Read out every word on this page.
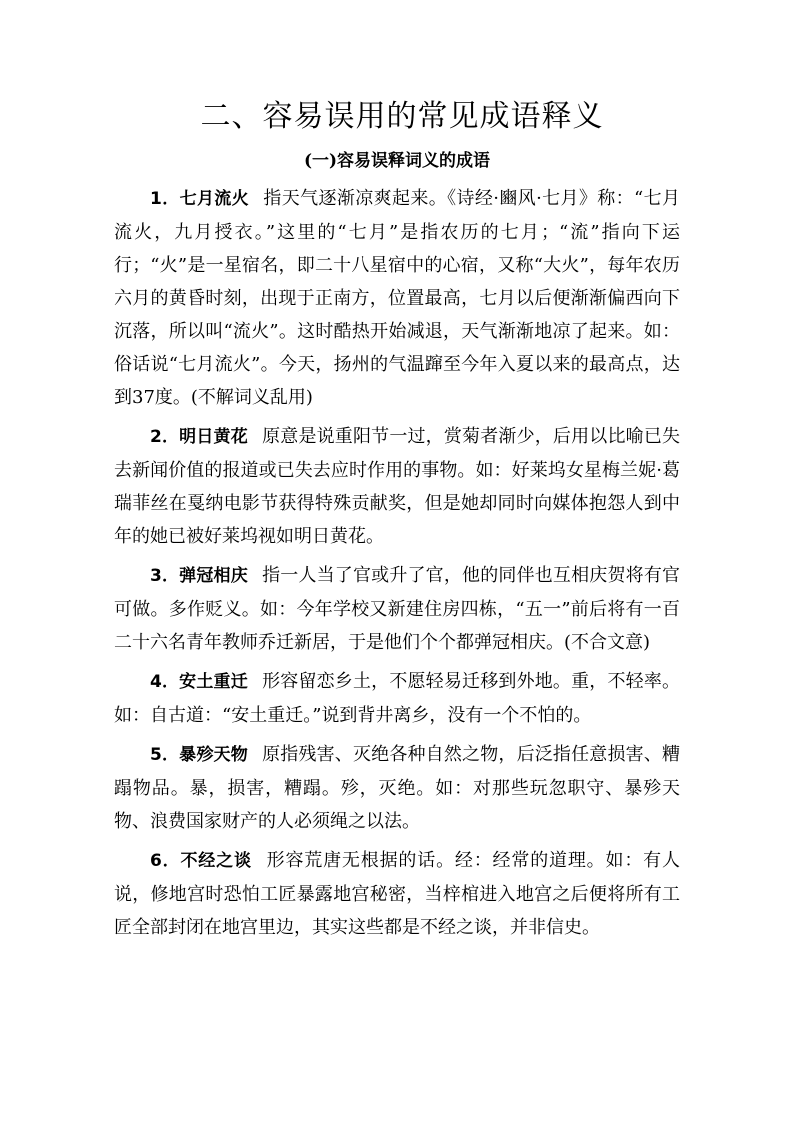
二、容易误用的常见成语释义
(一)容易误释词义的成语

1．七月流火 指天气逐渐凉爽起来。《诗经·豳风·七月》称：“七月流火，九月授衣。”这里的“七月”是指农历的七月；“流”指向下运行；“火”是一星宿名，即二十八星宿中的心宿，又称“大火”，每年农历六月的黄昏时刻，出现于正南方，位置最高，七月以后便渐渐偏西向下沉落，所以叫“流火”。这时酷热开始减退，天气渐渐地凉了起来。如：俗话说“七月流火”。今天，扬州的气温蹿至今年入夏以来的最高点，达到37度。(不解词义乱用)

2．明日黄花 原意是说重阳节一过，赏菊者渐少，后用以比喻已失去新闻价值的报道或已失去应时作用的事物。如：好莱坞女星梅兰妮·葛瑞菲丝在戛纳电影节获得特殊贡献奖，但是她却同时向媒体抱怨人到中年的她已被好莱坞视如明日黄花。

3．弹冠相庆 指一人当了官或升了官，他的同伴也互相庆贺将有官可做。多作贬义。如：今年学校又新建住房四栋，“五一”前后将有一百二十六名青年教师乔迁新居，于是他们个个都弹冠相庆。(不合文意)

4．安土重迁 形容留恋乡土，不愿轻易迁移到外地。重，不轻率。如：自古道：“安土重迁。”说到背井离乡，没有一个不怕的。

5．暴殄天物 原指残害、灭绝各种自然之物，后泛指任意损害、糟蹋物品。暴，损害，糟蹋。殄，灭绝。如：对那些玩忽职守、暴殄天物、浪费国家财产的人必须绳之以法。

6．不经之谈 形容荒唐无根据的话。经：经常的道理。如：有人说，修地宫时恐怕工匠暴露地宫秘密，当梓棺进入地宫之后便将所有工匠全部封闭在地宫里边，其实这些都是不经之谈，并非信史。
